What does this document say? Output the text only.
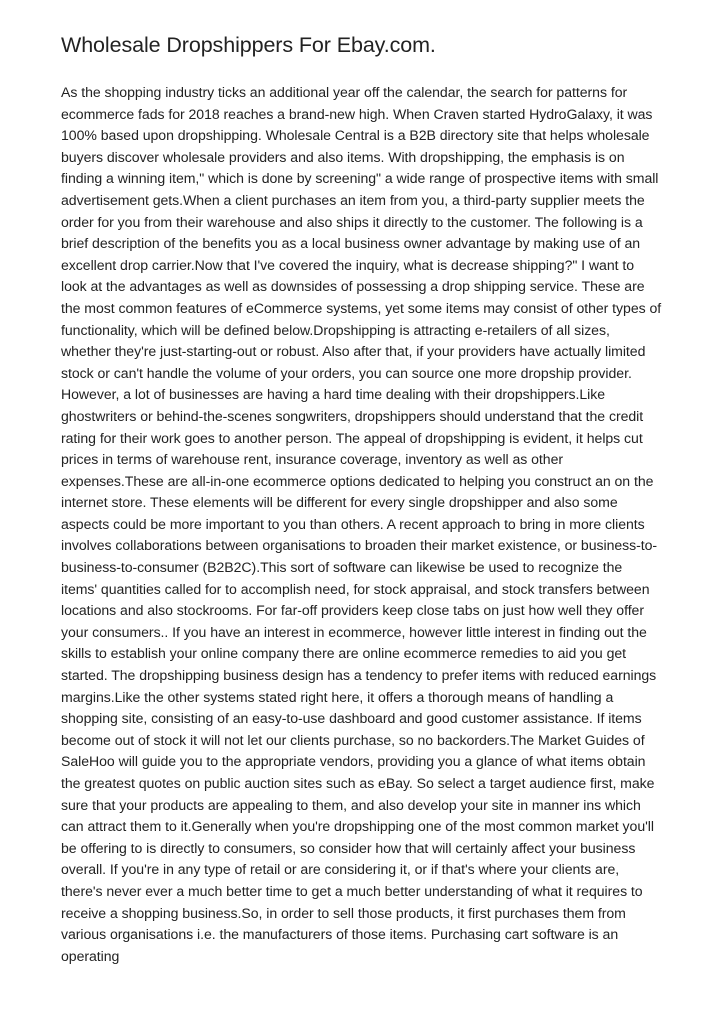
Wholesale Dropshippers For Ebay.com.

As the shopping industry ticks an additional year off the calendar, the search for patterns for ecommerce fads for 2018 reaches a brand-new high. When Craven started HydroGalaxy, it was 100% based upon dropshipping. Wholesale Central is a B2B directory site that helps wholesale buyers discover wholesale providers and also items. With dropshipping, the emphasis is on finding a winning item," which is done by screening" a wide range of prospective items with small advertisement gets.When a client purchases an item from you, a third-party supplier meets the order for you from their warehouse and also ships it directly to the customer. The following is a brief description of the benefits you as a local business owner advantage by making use of an excellent drop carrier.Now that I've covered the inquiry, what is decrease shipping?" I want to look at the advantages as well as downsides of possessing a drop shipping service. These are the most common features of eCommerce systems, yet some items may consist of other types of functionality, which will be defined below.Dropshipping is attracting e-retailers of all sizes, whether they're just-starting-out or robust. Also after that, if your providers have actually limited stock or can't handle the volume of your orders, you can source one more dropship provider. However, a lot of businesses are having a hard time dealing with their dropshippers.Like ghostwriters or behind-the-scenes songwriters, dropshippers should understand that the credit rating for their work goes to another person. The appeal of dropshipping is evident, it helps cut prices in terms of warehouse rent, insurance coverage, inventory as well as other expenses.These are all-in-one ecommerce options dedicated to helping you construct an on the internet store. These elements will be different for every single dropshipper and also some aspects could be more important to you than others. A recent approach to bring in more clients involves collaborations between organisations to broaden their market existence, or business-to-business-to-consumer (B2B2C).This sort of software can likewise be used to recognize the items' quantities called for to accomplish need, for stock appraisal, and stock transfers between locations and also stockrooms. For far-off providers keep close tabs on just how well they offer your consumers.. If you have an interest in ecommerce, however little interest in finding out the skills to establish your online company there are online ecommerce remedies to aid you get started. The dropshipping business design has a tendency to prefer items with reduced earnings margins.Like the other systems stated right here, it offers a thorough means of handling a shopping site, consisting of an easy-to-use dashboard and good customer assistance. If items become out of stock it will not let our clients purchase, so no backorders.The Market Guides of SaleHoo will guide you to the appropriate vendors, providing you a glance of what items obtain the greatest quotes on public auction sites such as eBay. So select a target audience first, make sure that your products are appealing to them, and also develop your site in manner ins which can attract them to it.Generally when you're dropshipping one of the most common market you'll be offering to is directly to consumers, so consider how that will certainly affect your business overall. If you're in any type of retail or are considering it, or if that's where your clients are, there's never ever a much better time to get a much better understanding of what it requires to receive a shopping business.So, in order to sell those products, it first purchases them from various organisations i.e. the manufacturers of those items. Purchasing cart software is an operating
